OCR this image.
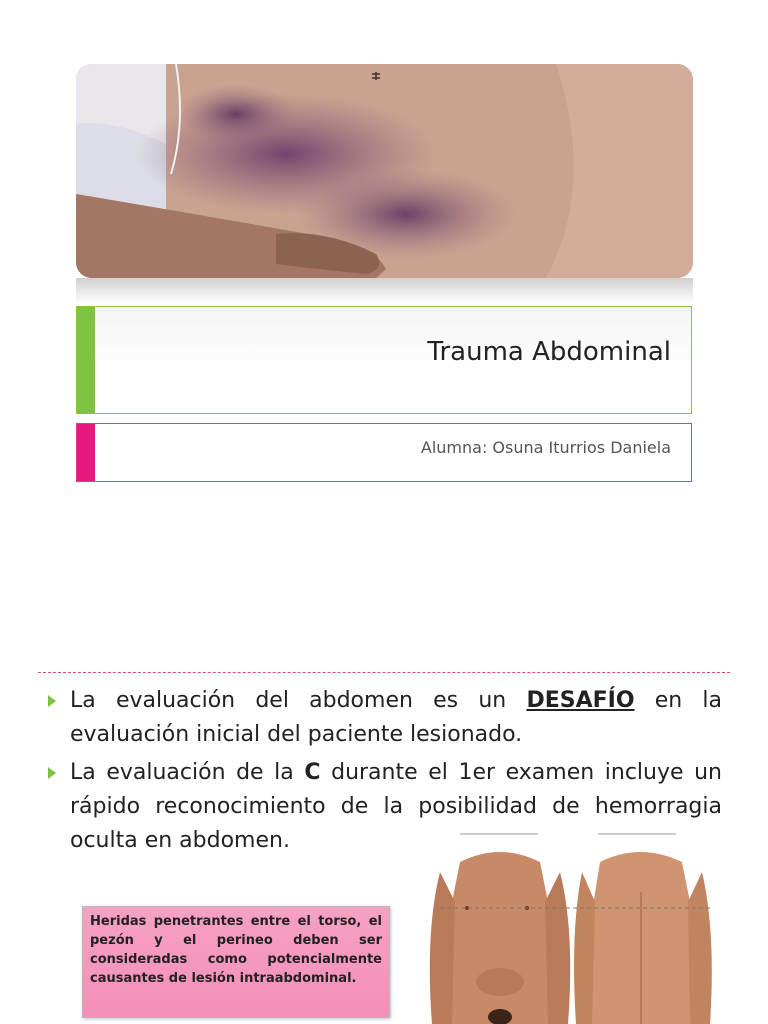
Trauma Abdominal
Alumna: Osuna Iturrios Daniela
La evaluación del abdomen es un DESAFÍO en la evaluación inicial del paciente lesionado.
La evaluación de la C durante el 1er examen incluye un rápido reconocimiento de la posibilidad de hemorragia oculta en abdomen.
Heridas penetrantes entre el torso, el pezón y el perineo deben ser consideradas como potencialmente causantes de lesión intraabdominal.
